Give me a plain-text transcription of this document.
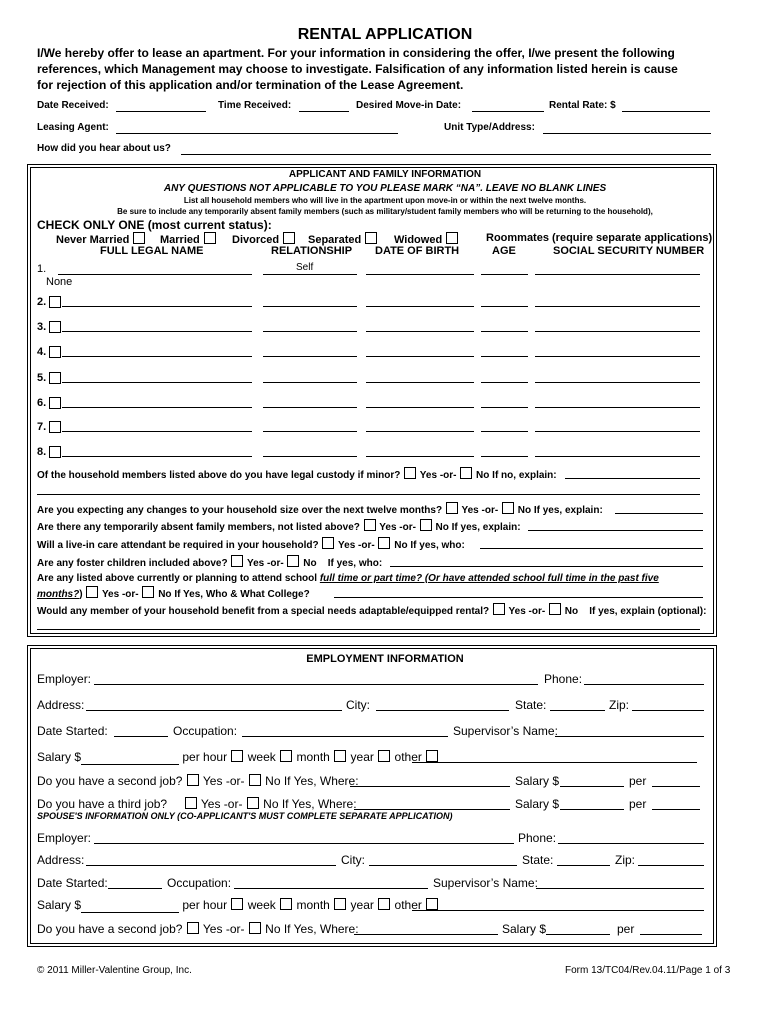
RENTAL APPLICATION
I/We hereby offer to lease an apartment. For your information in considering the offer, I/we present the following
references, which Management may choose to investigate. Falsification of any information listed herein is cause
for rejection of this application and/or termination of the Lease Agreement.
Date Received:	Time Received:	Desired Move-in Date:	Rental Rate: $
Leasing Agent:	Unit Type/Address:
How did you hear about us?
APPLICANT AND FAMILY INFORMATION
ANY QUESTIONS NOT APPLICABLE TO YOU PLEASE MARK “NA”. LEAVE NO BLANK LINES
List all household members who will live in the apartment upon move-in or within the next twelve months.
Be sure to include any temporarily absent family members (such as military/student family members who will be returning to the household),
CHECK ONLY ONE (most current status):
Never Married	Married	Divorced	Separated	Widowed	Roommates (require separate applications)
FULL LEGAL NAME	RELATIONSHIP DATE OF BIRTH	AGE	SOCIAL SECURITY NUMBER
1.	Self
None
2.
3.
4.
5.
6.
7.
8.
Of the household members listed above do you have legal custody if minor? Yes -or- No If no, explain:
Are you expecting any changes to your household size over the next twelve months? Yes -or- No If yes, explain:
Are there any temporarily absent family members, not listed above? Yes -or- No If yes, explain:
Will a live-in care attendant be required in your household? Yes -or- No If yes, who:
Are any foster children included above? Yes -or- No If yes, who:
Are any listed above currently or planning to attend school full time or part time? (Or have attended school full time in the past five
months?)  Yes -or- No If Yes, Who & What College?
Would any member of your household benefit from a special needs adaptable/equipped rental? Yes -or- No If yes, explain (optional):
EMPLOYMENT INFORMATION
Employer:	Phone:
Address:	City:	State:	Zip:
Date Started:	Occupation:	Supervisor’s Name:
Salary $	per hour week month year other
Do you have a second job? Yes -or- No If Yes, Where:	Salary $	per
Do you have a third job?	Yes -or- No If Yes, Where:	Salary $	per
SPOUSE'S INFORMATION ONLY (CO-APPLICANT'S MUST COMPLETE SEPARATE APPLICATION)
Employer:	Phone:
Address:	City:	State:	Zip:
Date Started:	Occupation:	Supervisor’s Name:
Salary $	per hour week month year other
Do you have a second job? Yes -or- No If Yes, Where:	Salary $	per
© 2011 Miller-Valentine Group, Inc.	Form 13/TC04/Rev.04.11/Page 1 of 3
